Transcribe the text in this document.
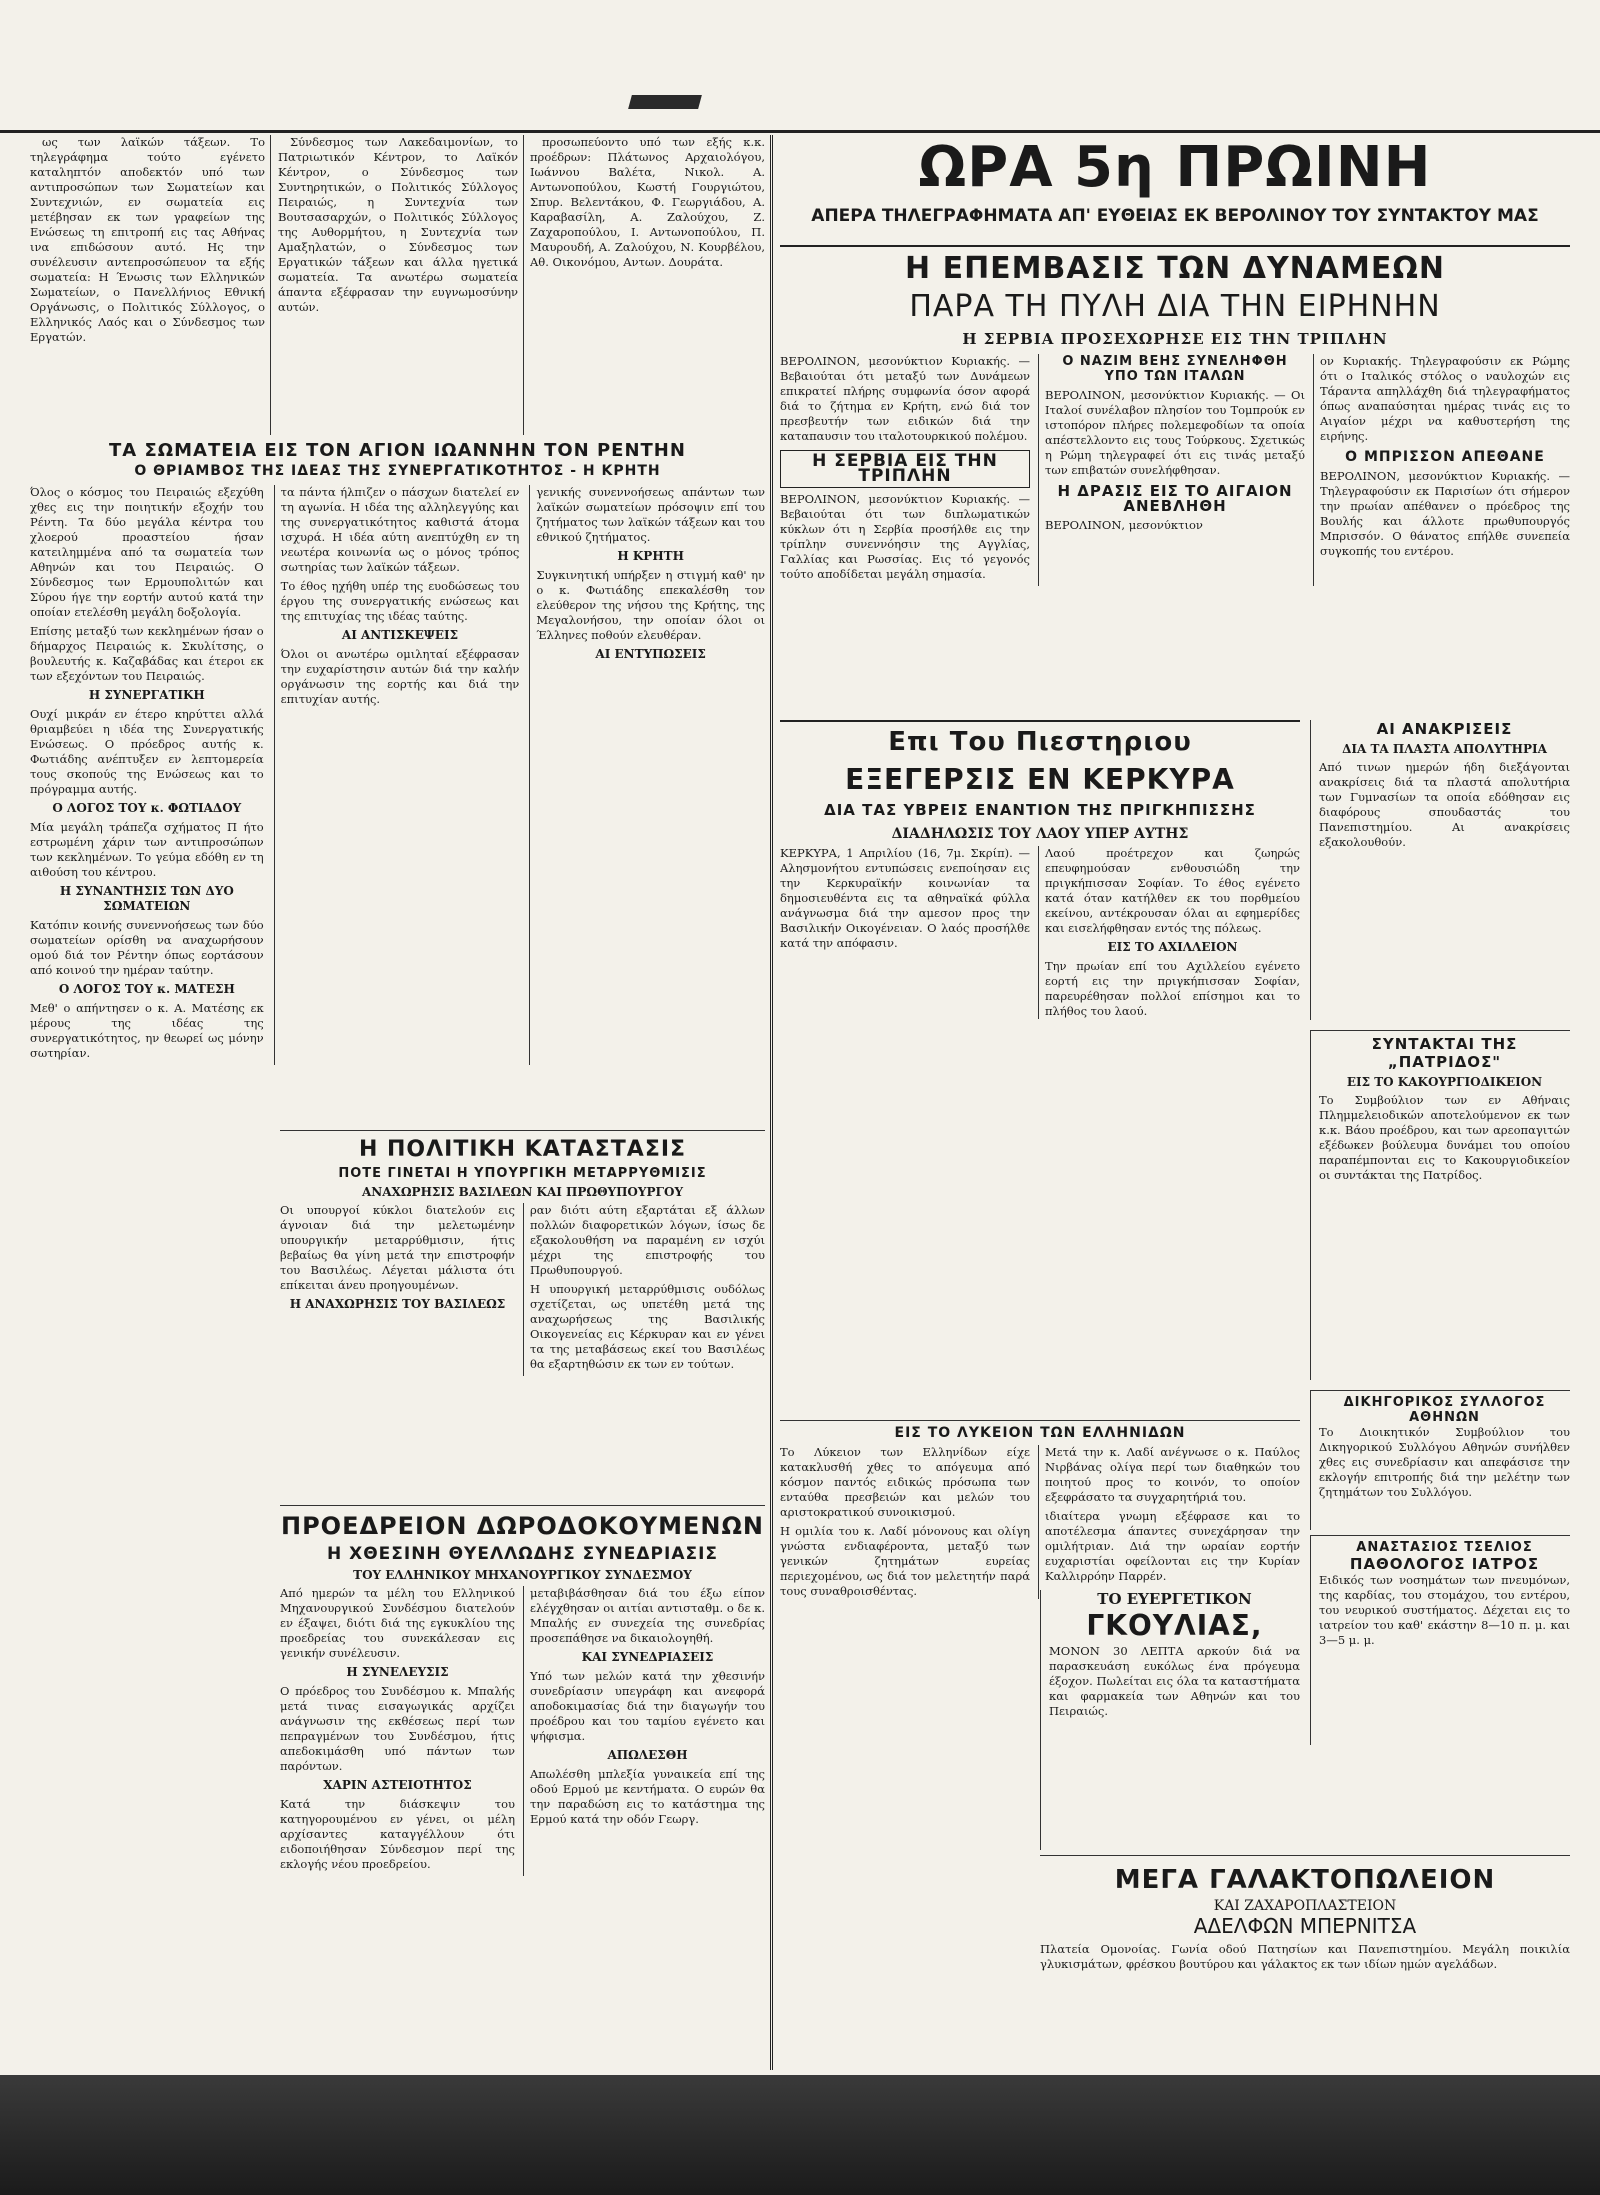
ως των λαϊκών τάξεων. Το τηλεγράφημα τούτο εγένετο καταληπτόν αποδεκτόν υπό των αντιπροσώπων των Σωματείων και Συντεχνιών, εν σωματεία εις μετέβησαν εκ των γραφείων της Ενώσεως τη επιτροπή εις τας Αθήνας ινα επιδώσουν αυτό. Ης την συνέλευσιν αντεπροσώπευον τα εξής σωματεία: Η Ένωσις των Ελληνικών Σωματείων, ο Πανελλήνιος Εθνική Οργάνωσις, ο Πολιτικός Σύλλογος, ο Ελληνικός Λαός και ο Σύνδεσμος των Εργατών.

Σύνδεσμος των Λακεδαιμονίων, το Πατριωτικόν Κέντρον, το Λαϊκόν Κέντρον, ο Σύνδεσμος των Συντηρητικών, ο Πολιτικός Σύλλογος Πειραιώς, η Συντεχνία των Βουτσασαρχών, ο Πολιτικός Σύλλογος της Αυθορμήτου, η Συντεχνία των Αμαξηλατών, ο Σύνδεσμος των Εργατικών τάξεων και άλλα ηγετικά σωματεία. Τα ανωτέρω σωματεία άπαντα εξέφρασαν την ευγνωμοσύνην αυτών.

προσωπεύοντο υπό των εξής κ.κ. προέδρων: Πλάτωνος Αρχαιολόγου, Ιωάννου Βαλέτα, Νικολ. Α. Αντωνοπούλου, Κωστή Γουργιώτου, Σπυρ. Βελεντάκου, Φ. Γεωργιάδου, Α. Καραβασίλη, Α. Ζαλούχου, Ζ. Ζαχαροπούλου, Ι. Αντωνοπούλου, Π. Μαυρουδή, Α. Ζαλούχου, Ν. Κουρβέλου, Αθ. Οικονόμου, Αντων. Δουράτα.

ΤΑ ΣΩΜΑΤΕΙΑ ΕΙΣ ΤΟΝ ΑΓΙΟΝ ΙΩΑΝΝΗΝ ΤΟΝ ΡΕΝΤΗΝ
Ο ΘΡΙΑΜΒΟΣ ΤΗΣ ΙΔΕΑΣ ΤΗΣ ΣΥΝΕΡΓΑΤΙΚΟΤΗΤΟΣ - Η ΚΡΗΤΗ

Όλος ο κόσμος του Πειραιώς εξεχύθη χθες εις την ποιητικήν εξοχήν του Ρέντη. Τα δύο μεγάλα κέντρα του χλοερού προαστείου ήσαν κατειλημμένα από τα σωματεία των Αθηνών και του Πειραιώς. Ο Σύνδεσμος των Ερμουπολιτών και Σύρου ήγε την εορτήν αυτού κατά την οποίαν ετελέσθη μεγάλη δοξολογία.

Επίσης μεταξύ των κεκλημένων ήσαν ο δήμαρχος Πειραιώς κ. Σκυλίτσης, ο βουλευτής κ. Καζαβάδας και έτεροι εκ των εξεχόντων του Πειραιώς.

Η ΣΥΝΕΡΓΑΤΙΚΗ

Ουχί μικράν εν έτερο κηρύττει αλλά θριαμβεύει η ιδέα της Συνεργατικής Ενώσεως. Ο πρόεδρος αυτής κ. Φωτιάδης ανέπτυξεν εν λεπτομερεία τους σκοπούς της Ενώσεως και το πρόγραμμα αυτής.

Ο ΛΟΓΟΣ ΤΟΥ κ. ΦΩΤΙΑΔΟΥ

Μία μεγάλη τράπεζα σχήματος Π ήτο εστρωμένη χάριν των αντιπροσώπων των κεκλημένων. Το γεύμα εδόθη εν τη αιθούση του κέντρου.

Η ΣΥΝΑΝΤΗΣΙΣ ΤΩΝ ΔΥΟ ΣΩΜΑΤΕΙΩΝ

Κατόπιν κοινής συνεννοήσεως των δύο σωματείων ορίσθη να αναχωρήσουν ομού διά τον Ρέντην όπως εορτάσουν από κοινού την ημέραν ταύτην.

Ο ΛΟΓΟΣ ΤΟΥ κ. ΜΑΤΕΣΗ

Μεθ' ο απήντησεν ο κ. Α. Ματέσης εκ μέρους της ιδέας της συνεργατικότητος, ην θεωρεί ως μόνην σωτηρίαν.

τα πάντα ήλπιζεν ο πάσχων διατελεί εν τη αγωνία. Η ιδέα της αλληλεγγύης και της συνεργατικότητος καθιστά άτομα ισχυρά. Η ιδέα αύτη ανεπτύχθη εν τη νεωτέρα κοινωνία ως ο μόνος τρόπος σωτηρίας των λαϊκών τάξεων.

Το έθος ηχήθη υπέρ της ευοδώσεως του έργου της συνεργατικής ενώσεως και της επιτυχίας της ιδέας ταύτης.

ΑΙ ΑΝΤΙΣΚΕΨΕΙΣ

Όλοι οι ανωτέρω ομιληταί εξέφρασαν την ευχαρίστησιν αυτών διά την καλήν οργάνωσιν της εορτής και διά την επιτυχίαν αυτής.

γενικής συνεννοήσεως απάντων των λαϊκών σωματείων πρόσοψιν επί του ζητήματος των λαϊκών τάξεων και του εθνικού ζητήματος.

Η ΚΡΗΤΗ

Συγκινητική υπήρξεν η στιγμή καθ' ην ο κ. Φωτιάδης επεκαλέσθη τον ελεύθερον της νήσου της Κρήτης, της Μεγαλονήσου, την οποίαν όλοι οι Έλληνες ποθούν ελευθέραν.

ΑΙ ΕΝΤΥΠΩΣΕΙΣ
Η ΠΟΛΙΤΙΚΗ ΚΑΤΑΣΤΑΣΙΣ
ΠΟΤΕ ΓΙΝΕΤΑΙ Η ΥΠΟΥΡΓΙΚΗ ΜΕΤΑΡΡΥΘΜΙΣΙΣ
ΑΝΑΧΩΡΗΣΙΣ ΒΑΣΙΛΕΩΝ ΚΑΙ ΠΡΩΘΥΠΟΥΡΓΟΥ

Οι υπουργοί κύκλοι διατελούν εις άγνοιαν διά την μελετωμένην υπουργικήν μεταρρύθμισιν, ήτις βεβαίως θα γίνη μετά την επιστροφήν του Βασιλέως. Λέγεται μάλιστα ότι επίκειται άνευ προηγουμένων.

Η ΑΝΑΧΩΡΗΣΙΣ ΤΟΥ ΒΑΣΙΛΕΩΣ

ραν διότι αύτη εξαρτάται εξ άλλων πολλών διαφορετικών λόγων, ίσως δε εξακολουθήση να παραμένη εν ισχύι μέχρι της επιστροφής του Πρωθυπουργού.

Η υπουργική μεταρρύθμισις ουδόλως σχετίζεται, ως υπετέθη μετά της αναχωρήσεως της Βασιλικής Οικογενείας εις Κέρκυραν και εν γένει τα της μεταβάσεως εκεί του Βασιλέως θα εξαρτηθώσιν εκ των εν τούτων.

ΠΡΟΕΔΡΕΙΟΝ ΔΩΡΟΔΟΚΟΥΜΕΝΩΝ
Η ΧΘΕΣΙΝΗ ΘΥΕΛΛΩΔΗΣ ΣΥΝΕΔΡΙΑΣΙΣ
ΤΟΥ ΕΛΛΗΝΙΚΟΥ ΜΗΧΑΝΟΥΡΓΙΚΟΥ ΣΥΝΔΕΣΜΟΥ

Από ημερών τα μέλη του Ελληνικού Μηχανουργικού Συνδέσμου διατελούν εν έξαψει, διότι διά της εγκυκλίου της προεδρείας του συνεκάλεσαν εις γενικήν συνέλευσιν.

Η ΣΥΝΕΛΕΥΣΙΣ

Ο πρόεδρος του Συνδέσμου κ. Μπαλής μετά τινας εισαγωγικάς αρχίζει ανάγνωσιν της εκθέσεως περί των πεπραγμένων του Συνδέσμου, ήτις απεδοκιμάσθη υπό πάντων των παρόντων.

ΧΑΡΙΝ ΑΣΤΕΙΟΤΗΤΟΣ

Κατά την διάσκεψιν του κατηγορουμένου εν γένει, οι μέλη αρχίσαντες καταγγέλλουν ότι ειδοποιήθησαν Σύνδεσμον περί της εκλογής νέου προεδρείου.

μεταβιβάσθησαν διά του έξω είπον ελέγχθησαν οι αιτίαι αντισταθμ. ο δε κ. Μπαλής εν συνεχεία της συνεδρίας προσεπάθησε να δικαιολογηθή.

ΚΑΙ ΣΥΝΕΔΡΙΑΣΕΙΣ

Υπό των μελών κατά την χθεσινήν συνεδρίασιν υπεγράφη και ανεφορά αποδοκιμασίας διά την διαγωγήν του προέδρου και του ταμίου εγένετο και ψήφισμα.

ΑΠΩΛΕΣΘΗ

Απωλέσθη μπλεξία γυναικεία επί της οδού Ερμού με κεντήματα. Ο ευρών θα την παραδώση εις το κατάστημα της Ερμού κατά την οδόν Γεωργ.

ΩΡΑ 5η ΠΡΩΙΝΗ
ΑΠΕΡΑ ΤΗΛΕΓΡΑΦΗΜΑΤΑ ΑΠ' ΕΥΘΕΙΑΣ ΕΚ ΒΕΡΟΛΙΝΟΥ ΤΟΥ ΣΥΝΤΑΚΤΟΥ ΜΑΣ
Η ΕΠΕΜΒΑΣΙΣ ΤΩΝ ΔΥΝΑΜΕΩΝ
ΠΑΡΑ ΤΗ ΠΥΛΗ ΔΙΑ ΤΗΝ ΕΙΡΗΝΗΝ
Η ΣΕΡΒΙΑ ΠΡΟΣΕΧΩΡΗΣΕ ΕΙΣ ΤΗΝ ΤΡΙΠΛΗΝ

ΒΕΡΟΛΙΝΟΝ, μεσονύκτιον Κυριακής. — Βεβαιούται ότι μεταξύ των Δυνάμεων επικρατεί πλήρης συμφωνία όσον αφορά διά το ζήτημα εν Κρήτη, ενώ διά τον πρεσβευτήν των ειδικών διά την καταπαυσιν του ιταλοτουρκικού πολέμου.

Η ΣΕΡΒΙΑ ΕΙΣ ΤΗΝ ΤΡΙΠΛΗΝ

ΒΕΡΟΛΙΝΟΝ, μεσονύκτιον Κυριακής. — Βεβαιούται ότι των διπλωματικών κύκλων ότι η Σερβία προσήλθε εις την τρίπλην συνεννόησιν της Αγγλίας, Γαλλίας και Ρωσσίας. Εις τό γεγονός τούτο αποδίδεται μεγάλη σημασία.

Ο ΝΑΖΙΜ ΒΕΗΣ ΣΥΝΕΛΗΦΘΗ ΥΠΟ ΤΩΝ ΙΤΑΛΩΝ

ΒΕΡΟΛΙΝΟΝ, μεσονύκτιον Κυριακής. — Οι Ιταλοί συνέλαβον πλησίον του Τομπρούκ εν ιστοπόρον πλήρες πολεμεφοδίων τα οποία απέστελλοντο εις τους Τούρκους. Σχετικώς η Ρώμη τηλεγραφεί ότι εις τινάς μεταξύ των επιβατών συνελήφθησαν.

Η ΔΡΑΣΙΣ ΕΙΣ ΤΟ ΑΙΓΑΙΟΝ ΑΝΕΒΛΗΘΗ

ΒΕΡΟΛΙΝΟΝ, μεσονύκτιον

ον Κυριακής. Τηλεγραφούσιν εκ Ρώμης ότι ο Ιταλικός στόλος ο ναυλοχών εις Τάραντα απηλλάχθη διά τηλεγραφήματος όπως αναπαύσηται ημέρας τινάς εις το Αιγαίον μέχρι να καθυστερήση της ειρήνης.

Ο ΜΠΡΙΣΣΟΝ ΑΠΕΘΑΝΕ

ΒΕΡΟΛΙΝΟΝ, μεσονύκτιον Κυριακής. — Τηλεγραφούσιν εκ Παρισίων ότι σήμερον την πρωίαν απέθανεν ο πρόεδρος της Βουλής και άλλοτε πρωθυπουργός Μπρισσόν. Ο θάνατος επήλθε συνεπεία συγκοπής του εντέρου.

Επι Του Πιεστηριου
ΕΞΕΓΕΡΣΙΣ ΕΝ ΚΕΡΚΥΡΑ
ΔΙΑ ΤΑΣ ΥΒΡΕΙΣ ΕΝΑΝΤΙΟΝ ΤΗΣ ΠΡΙΓΚΗΠΙΣΣΗΣ
ΔΙΑΔΗΛΩΣΙΣ ΤΟΥ ΛΑΟΥ ΥΠΕΡ ΑΥΤΗΣ

ΚΕΡΚΥΡΑ, 1 Απριλίου (16, 7μ. Σκρίπ). — Αλησμονήτου εντυπώσεις ενεποίησαν εις την Κερκυραϊκήν κοινωνίαν τα δημοσιευθέντα εις τα αθηναϊκά φύλλα ανάγνωσμα διά την αμεσον προς την Βασιλικήν Οικογένειαν. Ο λαός προσήλθε κατά την απόφασιν.

Λαού προέτρεχον και ζωηρώς επευφημούσαν ενθουσιώδη την πριγκήπισσαν Σοφίαν. Το έθος εγένετο κατά όταν κατήλθεν εκ του πορθμείου εκείνου, αντέκρουσαν όλαι αι εφημερίδες και εισελήφθησαν εντός της πόλεως.

ΕΙΣ ΤΟ ΑΧΙΛΛΕΙΟΝ

Την πρωίαν επί του Αχιλλείου εγένετο εορτή εις την πριγκήπισσαν Σοφίαν, παρευρέθησαν πολλοί επίσημοι και το πλήθος του λαού.

ΑΙ ΑΝΑΚΡΙΣΕΙΣ
ΔΙΑ ΤΑ ΠΛΑΣΤΑ ΑΠΟΛΥΤΗΡΙΑ

Από τινων ημερών ήδη διεξάγονται ανακρίσεις διά τα πλαστά απολυτήρια των Γυμνασίων τα οποία εδόθησαν εις διαφόρους σπουδαστάς του Πανεπιστημίου. Αι ανακρίσεις εξακολουθούν.

ΣΥΝΤΑΚΤΑΙ ΤΗΣ „ΠΑΤΡΙΔΟΣ"
ΕΙΣ ΤΟ ΚΑΚΟΥΡΓΙΟΔΙΚΕΙΟΝ

Το Συμβούλιον των εν Αθήναις Πλημμελειοδικών αποτελούμενον εκ των κ.κ. Βάου προέδρου, και των αρεοπαγιτών εξέδωκεν βούλευμα δυνάμει του οποίου παραπέμπονται εις το Κακουργιοδικείον οι συντάκται της Πατρίδος.

ΕΙΣ ΤΟ ΛΥΚΕΙΟΝ ΤΩΝ ΕΛΛΗΝΙΔΩΝ

Το Λύκειον των Ελληνίδων είχε κατακλυσθή χθες το απόγευμα από κόσμον παντός ειδικώς πρόσωπα των ενταύθα πρεσβειών και μελών του αριστοκρατικού συνοικισμού.

Η ομιλία του κ. Λαδί μόνονους και ολίγη γνώστα ενδιαφέροντα, μεταξύ των γενικών ζητημάτων ευρείας περιεχομένου, ως διά τον μελετητήν παρά τους συναθροισθέντας.

Μετά την κ. Λαδί ανέγνωσε ο κ. Παύλος Νιρβάνας ολίγα περί των διαθηκών του ποιητού προς το κοινόν, το οποίον εξεφράσατο τα συγχαρητήριά του.

ιδιαίτερα γνωμη εξέφρασε και το αποτέλεσμα άπαντες συνεχάρησαν την ομιλήτριαν. Διά την ωραίαν εορτήν ευχαριστίαι οφείλονται εις την Κυρίαν Καλλιρρόην Παρρέν.

ΔΙΚΗΓΟΡΙΚΟΣ ΣΥΛΛΟΓΟΣ ΑΘΗΝΩΝ

Το Διοικητικόν Συμβούλιον του Δικηγορικού Συλλόγου Αθηνών συνήλθεν χθες εις συνεδρίασιν και απεφάσισε την εκλογήν επιτροπής διά την μελέτην των ζητημάτων του Συλλόγου.

ΤΟ ΕΥΕΡΓΕΤΙΚΟΝ
ΓΚΟΥΛΙΑΣ,

ΜΟΝΟΝ 30 ΛΕΠΤΑ αρκούν διά να παρασκευάση ευκόλως ένα πρόγευμα έξοχον. Πωλείται εις όλα τα καταστήματα και φαρμακεία των Αθηνών και του Πειραιώς.

ΑΝΑΣΤΑΣΙΟΣ ΤΣΕΛΙΟΣ
ΠΑΘΟΛΟΓΟΣ ΙΑΤΡΟΣ

Ειδικός των νοσημάτων των πνευμόνων, της καρδίας, του στομάχου, του εντέρου, του νευρικού συστήματος. Δέχεται εις το ιατρείον του καθ' εκάστην 8—10 π. μ. και 3—5 μ. μ.

ΜΕΓΑ ΓΑΛΑΚΤΟΠΩΛΕΙΟΝ
ΚΑΙ ΖΑΧΑΡΟΠΛΑΣΤΕΙΟΝ
ΑΔΕΛΦΩΝ ΜΠΕΡΝΙΤΣΑ

Πλατεία Ομονοίας. Γωνία οδού Πατησίων και Πανεπιστημίου. Μεγάλη ποικιλία γλυκισμάτων, φρέσκου βουτύρου και γάλακτος εκ των ιδίων ημών αγελάδων.
